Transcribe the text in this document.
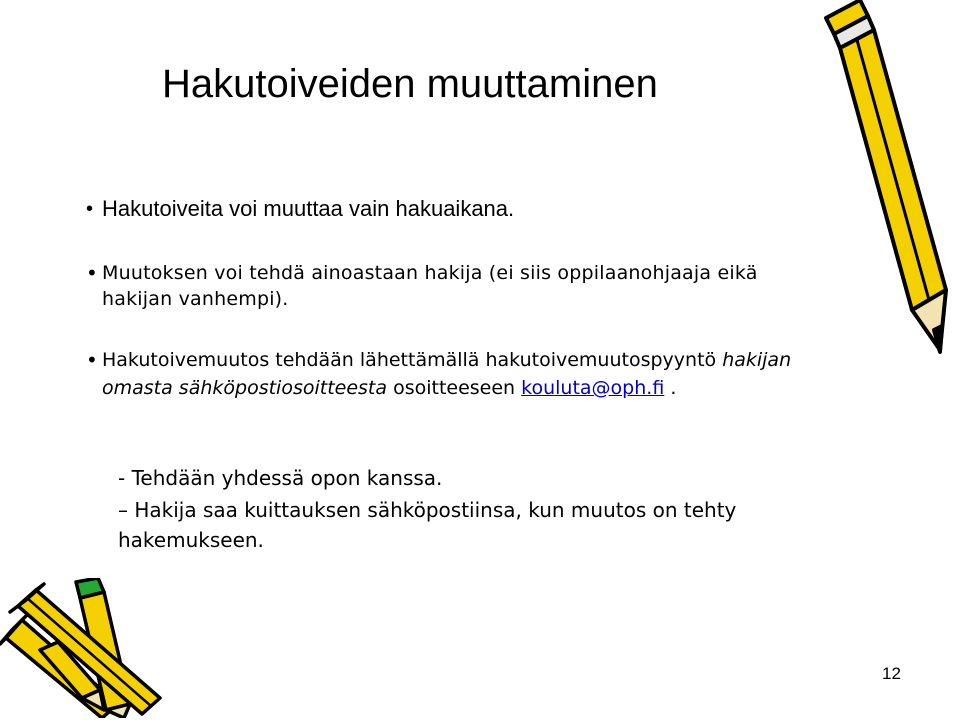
Hakutoiveiden muuttaminen
• Hakutoiveita voi muuttaa vain hakuaikana.
• Muutoksen voi tehdä ainoastaan hakija (ei siis oppilaanohjaaja eikä hakijan vanhempi).
• Hakutoivemuutos tehdään lähettämällä hakutoivemuutospyyntö hakijan omasta sähköpostiosoitteesta osoitteeseen kouluta@oph.fi .
- Tehdään yhdessä opon kanssa.
– Hakija saa kuittauksen sähköpostiinsa, kun muutos on tehty hakemukseen.
12
